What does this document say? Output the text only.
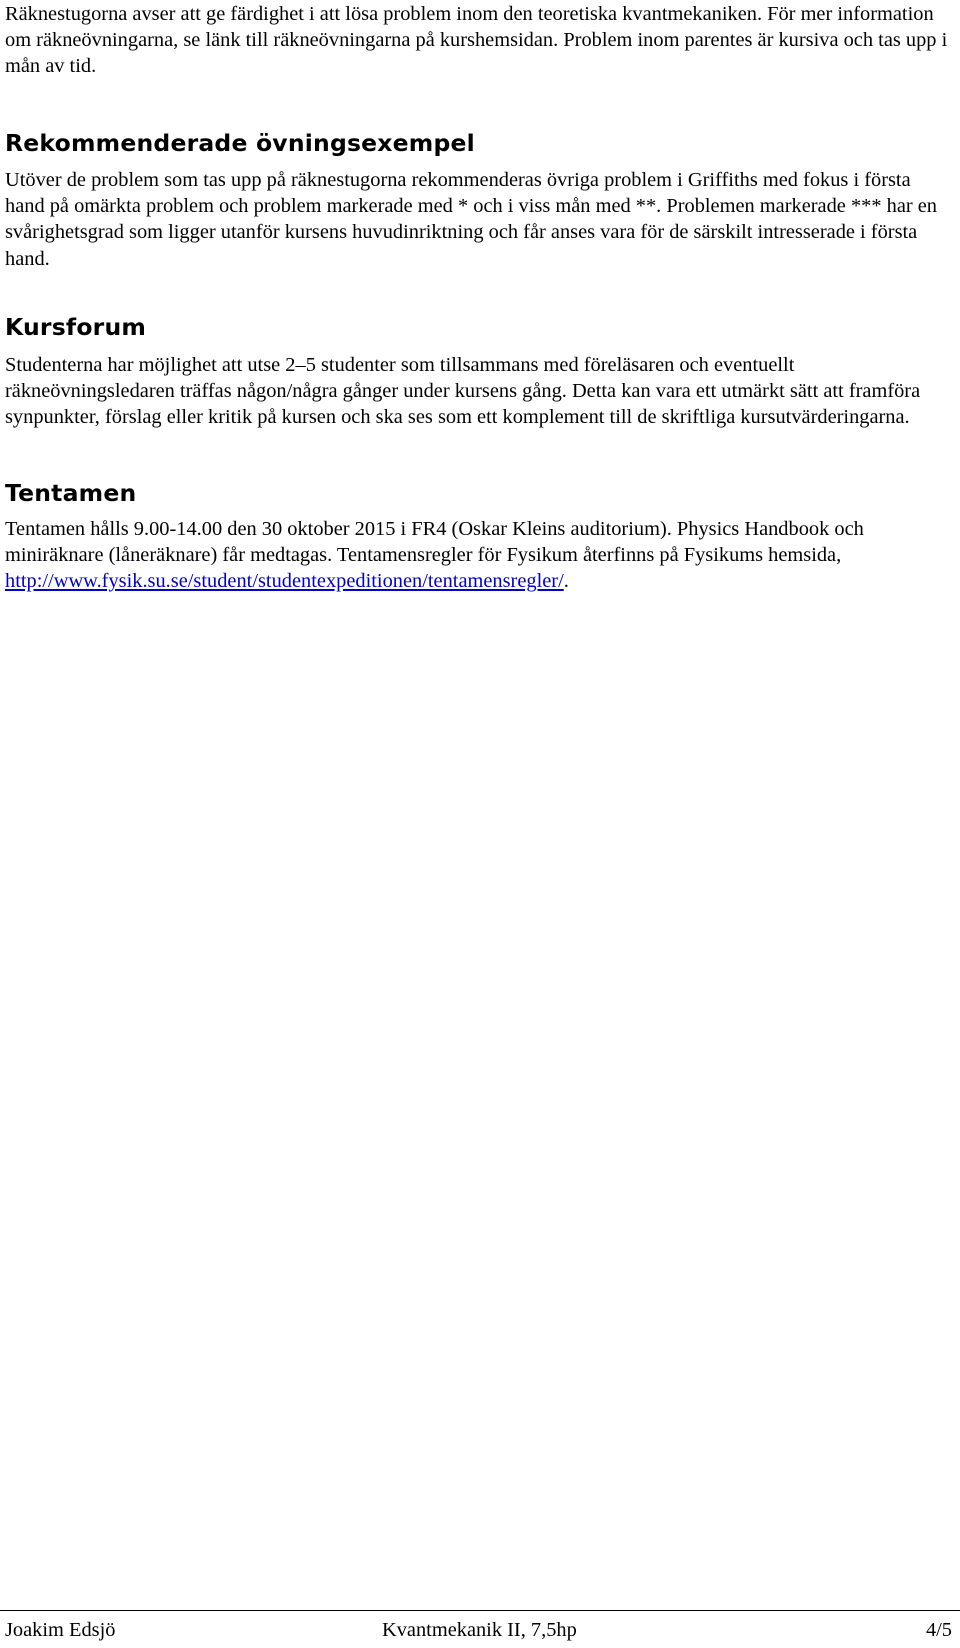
Räknestugorna avser att ge färdighet i att lösa problem inom den teoretiska kvantmekaniken. För mer information om räkneövningarna, se länk till räkneövningarna på kurshemsidan. Problem inom parentes är kursiva och tas upp i mån av tid.

Rekommenderade övningsexempel

Utöver de problem som tas upp på räknestugorna rekommenderas övriga problem i Griffiths med fokus i första hand på omärkta problem och problem markerade med * och i viss mån med **. Problemen markerade *** har en svårighetsgrad som ligger utanför kursens huvudinriktning och får anses vara för de särskilt intresserade i första hand.

Kursforum

Studenterna har möjlighet att utse 2–5 studenter som tillsammans med föreläsaren och eventuellt räkneövningsledaren träffas någon/några gånger under kursens gång. Detta kan vara ett utmärkt sätt att framföra synpunkter, förslag eller kritik på kursen och ska ses som ett komplement till de skriftliga kursutvärderingarna.

Tentamen

Tentamen hålls 9.00-14.00 den 30 oktober 2015 i FR4 (Oskar Kleins auditorium). Physics Handbook och miniräknare (låneräknare) får medtagas. Tentamensregler för Fysikum återfinns på Fysikums hemsida, http://www.fysik.su.se/student/studentexpeditionen/tentamensregler/.

Joakim Edsjö	Kvantmekanik II, 7,5hp	4/5
